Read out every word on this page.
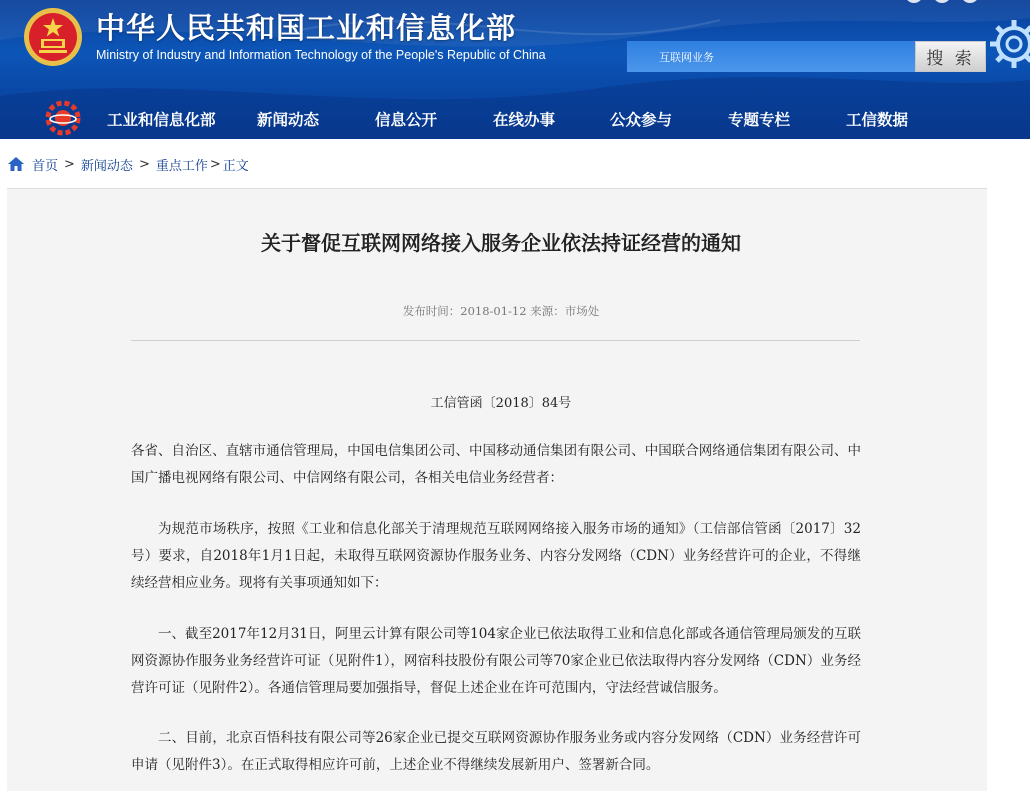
中华人民共和国工业和信息化部
Ministry of Industry and Information Technology of the People's Republic of China
互联网业务	搜 索
工业和信息化部	新闻动态	信息公开	在线办事	公众参与	专题专栏	工信数据
首页 > 新闻动态 > 重点工作 > 正文
关于督促互联网网络接入服务企业依法持证经营的通知
发布时间：2018-01-12 来源：市场处
工信管函〔2018〕84号

各省、自治区、直辖市通信管理局，中国电信集团公司、中国移动通信集团有限公司、中国联合网络通信集团有限公司、中国广播电视网络有限公司、中信网络有限公司，各相关电信业务经营者：

为规范市场秩序，按照《工业和信息化部关于清理规范互联网网络接入服务市场的通知》（工信部信管函〔2017〕32号）要求，自2018年1月1日起，未取得互联网资源协作服务业务、内容分发网络（CDN）业务经营许可的企业，不得继续经营相应业务。现将有关事项通知如下：

一、截至2017年12月31日，阿里云计算有限公司等104家企业已依法取得工业和信息化部或各通信管理局颁发的互联网资源协作服务业务经营许可证（见附件1），网宿科技股份有限公司等70家企业已依法取得内容分发网络（CDN）业务经营许可证（见附件2）。各通信管理局要加强指导，督促上述企业在许可范围内，守法经营诚信服务。

二、目前，北京百悟科技有限公司等26家企业已提交互联网资源协作服务业务或内容分发网络（CDN）业务经营许可申请（见附件3）。在正式取得相应许可前，上述企业不得继续发展新用户、签署新合同。
